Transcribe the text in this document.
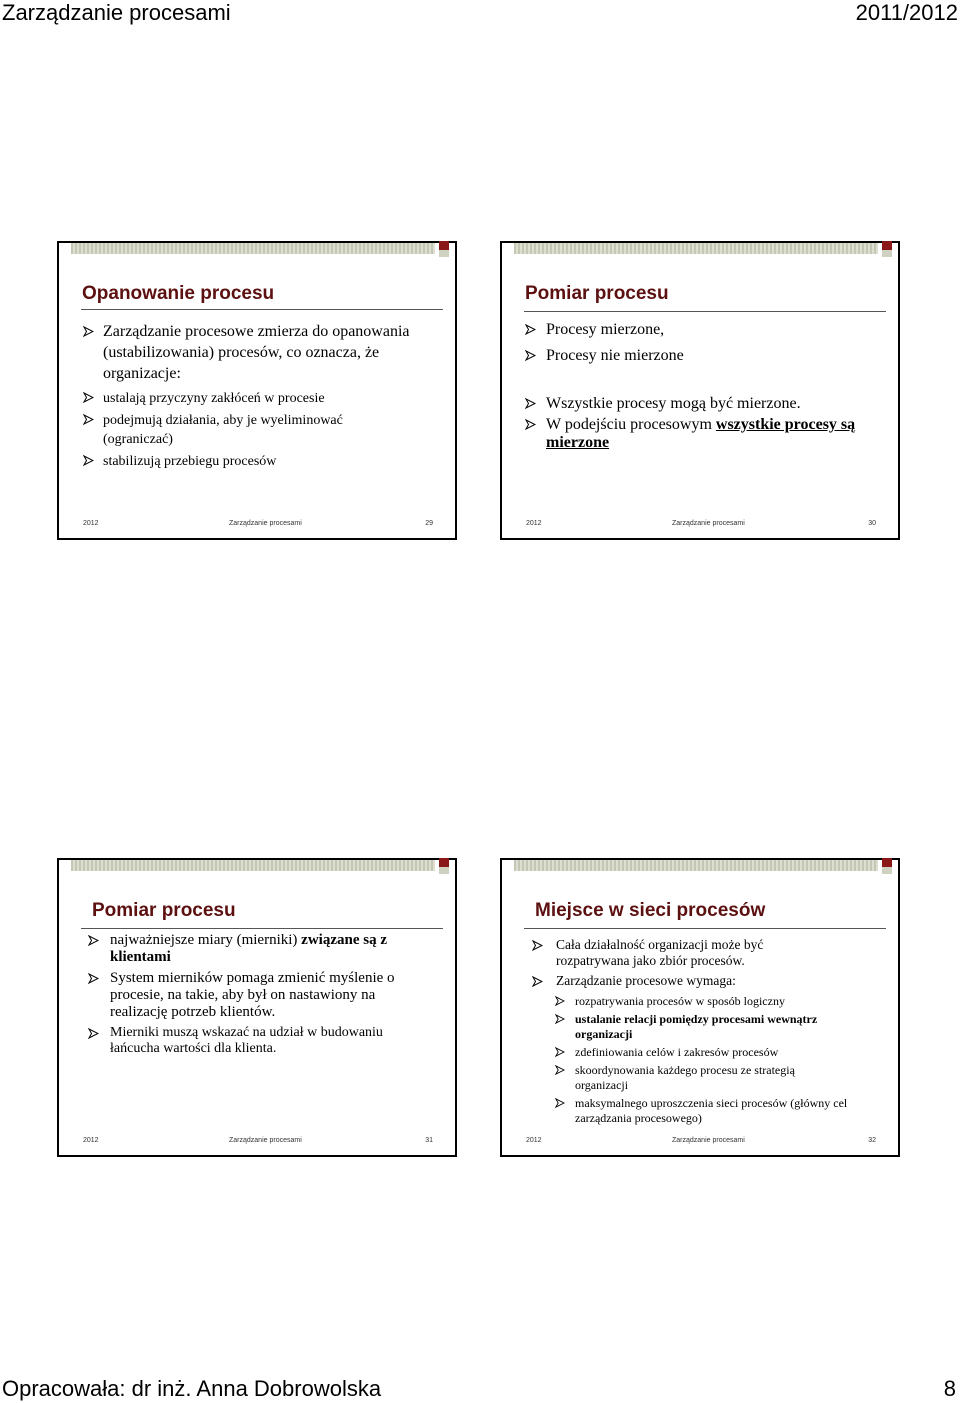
Zarządzanie procesami	2011/2012
Opanowanie procesu
Zarządzanie procesowe zmierza do opanowania (ustabilizowania) procesów, co oznacza, że organizacje:
ustalają przyczyny zakłóceń w procesie
podejmują działania, aby je wyeliminować (ograniczać)
stabilizują przebiegu procesów
2012	Zarządzanie procesami	29
Pomiar procesu
Procesy mierzone,
Procesy nie mierzone
Wszystkie procesy mogą być mierzone.
W podejściu procesowym wszystkie procesy są mierzone
2012	Zarządzanie procesami	30
Pomiar procesu
najważniejsze miary (mierniki) związane są z klientami
System mierników pomaga zmienić myślenie o procesie, na takie, aby był on nastawiony na realizację potrzeb klientów.
Mierniki muszą wskazać na udział w budowaniu łańcucha wartości dla klienta.
2012	Zarządzanie procesami	31
Miejsce w sieci procesów
Cała działalność organizacji może być rozpatrywana jako zbiór procesów.
Zarządzanie procesowe wymaga:
rozpatrywania procesów w sposób logiczny
ustalanie relacji pomiędzy procesami wewnątrz organizacji
zdefiniowania celów i zakresów procesów
skoordynowania każdego procesu ze strategią organizacji
maksymalnego uproszczenia sieci procesów (główny cel zarządzania procesowego)
2012	Zarządzanie procesami	32
Opracowała: dr inż. Anna Dobrowolska	8
